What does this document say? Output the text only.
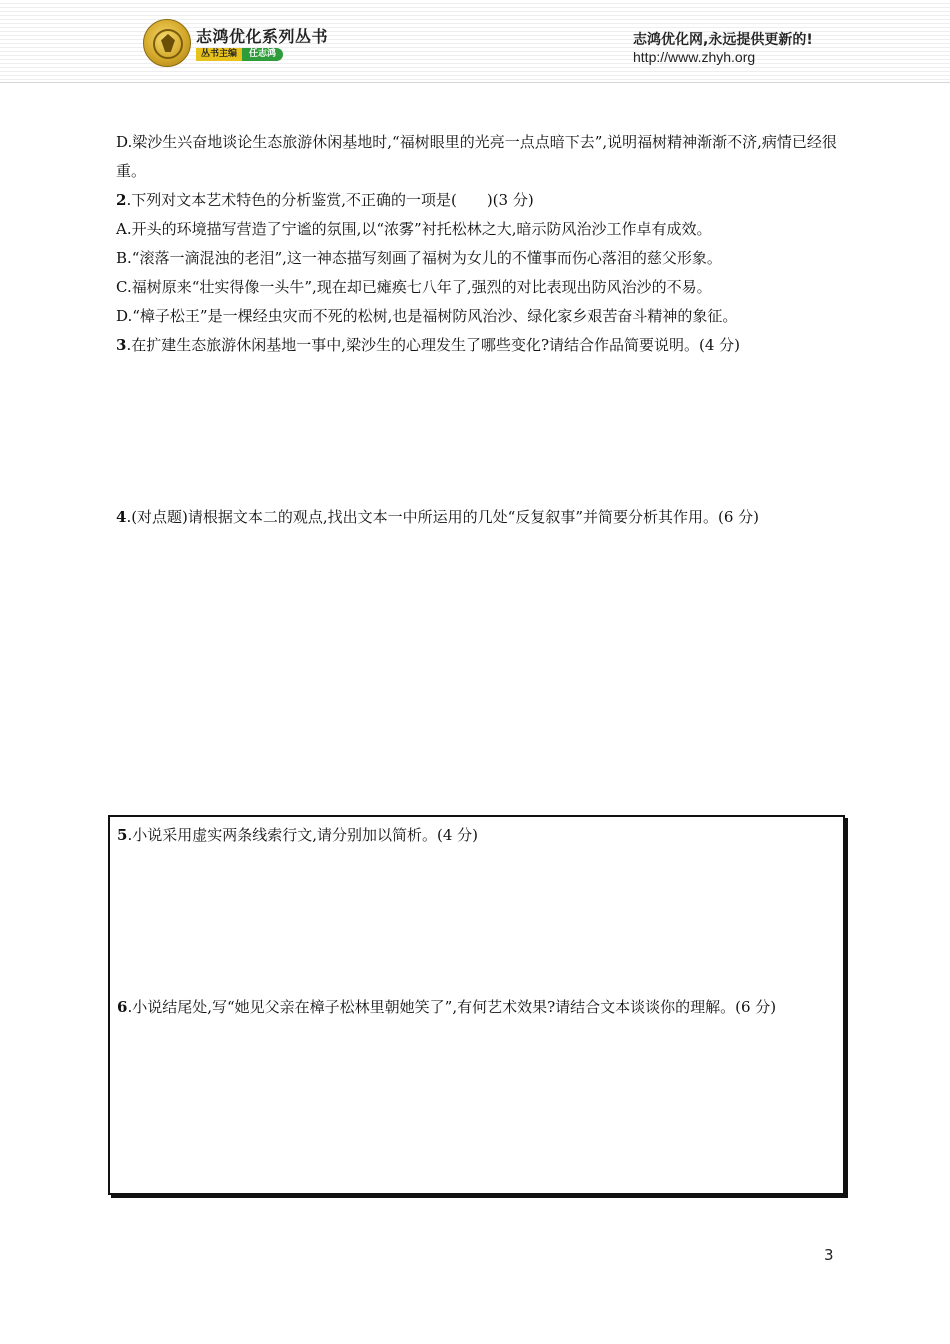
志鸿优化系列丛书
丛书主编	任志鸿
志鸿优化网,永远提供更新的!
http://www.zhyh.org

D.梁沙生兴奋地谈论生态旅游休闲基地时,“福树眼里的光亮一点点暗下去”,说明福树精神渐渐不济,病情已经很重。

2.下列对文本艺术特色的分析鉴赏,不正确的一项是(　　)(3 分)

A.开头的环境描写营造了宁谧的氛围,以“浓雾”衬托松林之大,暗示防风治沙工作卓有成效。

B.“滚落一滴混浊的老泪”,这一神态描写刻画了福树为女儿的不懂事而伤心落泪的慈父形象。

C.福树原来“壮实得像一头牛”,现在却已瘫痪七八年了,强烈的对比表现出防风治沙的不易。

D.“樟子松王”是一棵经虫灾而不死的松树,也是福树防风治沙、绿化家乡艰苦奋斗精神的象征。

3.在扩建生态旅游休闲基地一事中,梁沙生的心理发生了哪些变化?请结合作品简要说明。(4 分)

4.(对点题)请根据文本二的观点,找出文本一中所运用的几处“反复叙事”并简要分析其作用。(6 分)

5.小说采用虚实两条线索行文,请分别加以简析。(4 分)

6.小说结尾处,写“她见父亲在樟子松林里朝她笑了”,有何艺术效果?请结合文本谈谈你的理解。(6 分)

3
